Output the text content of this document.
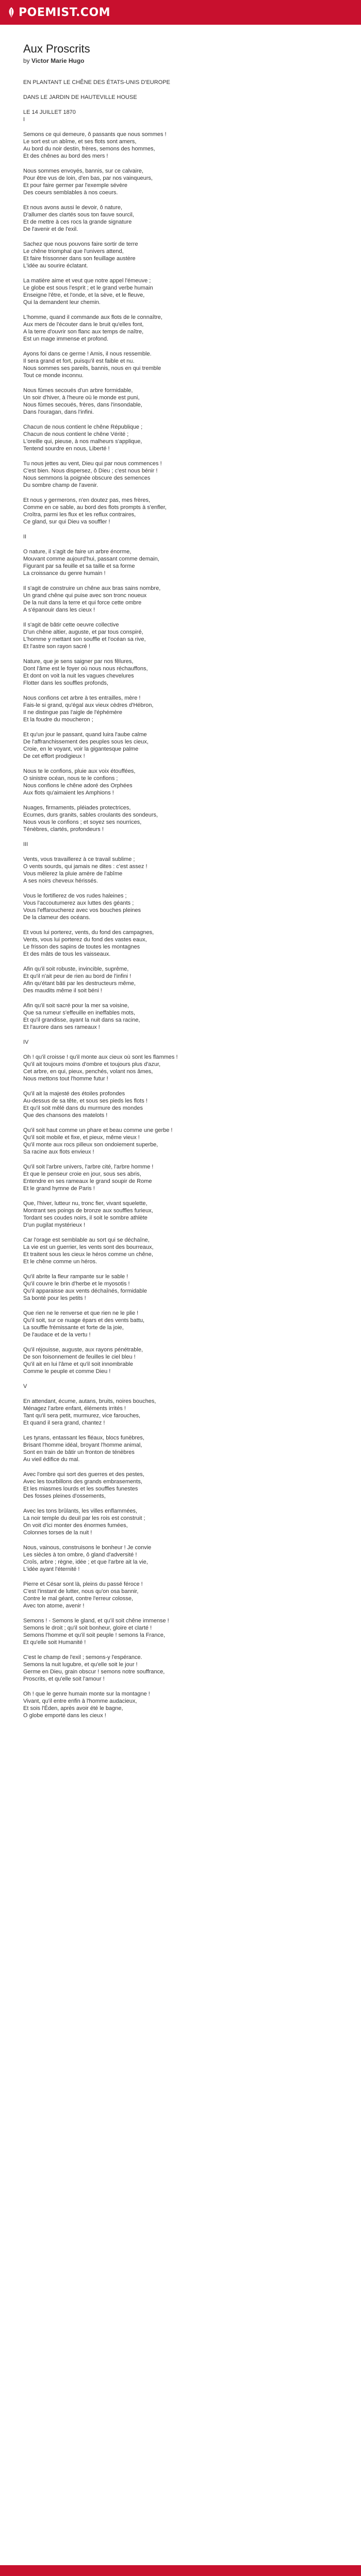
POEMIST.COM
Aux Proscrits
by Victor Marie Hugo
EN PLANTANT LE CHÊNE DES ÉTATS-UNIS D'EUROPE
DANS LE JARDIN DE HAUTEVILLE HOUSE
LE 14 JUILLET 1870
I
Semons ce qui demeure, ô passants que nous sommes !
Le sort est un abîme, et ses flots sont amers,
Au bord du noir destin, frères, semons des hommes,
Et des chênes au bord des mers !
Nous sommes envoyés, bannis, sur ce calvaire,
Pour être vus de loin, d'en bas, par nos vainqueurs,
Et pour faire germer par l'exemple sévère
Des coeurs semblables à nos coeurs.
Et nous avons aussi le devoir, ô nature,
D'allumer des clartés sous ton fauve sourcil,
Et de mettre à ces rocs la grande signature
De l'avenir et de l'exil.
Sachez que nous pouvons faire sortir de terre
Le chêne triomphal que l'univers attend,
Et faire frissonner dans son feuillage austère
L'idée au sourire éclatant.
La matière aime et veut que notre appel l'émeuve ;
Le globe est sous l'esprit ; et le grand verbe humain
Enseigne l'être, et l'onde, et la sève, et le fleuve,
Qui la demandent leur chemin.
L'homme, quand il commande aux flots de le connaître,
Aux mers de l'écouter dans le bruit qu'elles font,
A la terre d'ouvrir son flanc aux temps de naître,
Est un mage immense et profond.
Ayons foi dans ce germe ! Amis, il nous ressemble.
Il sera grand et fort, puisqu'il est faible et nu.
Nous sommes ses pareils, bannis, nous en qui tremble
Tout ce monde inconnu.
Nous fûmes secoués d'un arbre formidable,
Un soir d'hiver, à l'heure où le monde est puni,
Nous fûmes secoués, frères, dans l'insondable,
Dans l'ouragan, dans l'infini.
Chacun de nous contient le chêne République ;
Chacun de nous contient le chêne Vérité ;
L'oreille qui, pieuse, à nos malheurs s'applique,
Tentend sourdre en nous, Liberté !
Tu nous jettes au vent, Dieu qui par nous commences !
C'est bien. Nous dispersez, ô Dieu ; c'est nous bénir !
Nous semmons la poignée obscure des semences
Du sombre champ de l'avenir.
Et nous y germerons, n'en doutez pas, mes frères,
Comme en ce sable, au bord des flots prompts à s'enfler,
Croîtra, parmi les flux et les reflux contraires,
Ce gland, sur qui Dieu va souffler !
II
O nature, il s'agit de faire un arbre énorme,
Mouvant comme aujourd'hui, passant comme demain,
Figurant par sa feuille et sa taille et sa forme
La croissance du genre humain !
Il s'agit de construire un chêne aux bras sains nombre,
Un grand chêne qui puise avec son tronc noueux
De la nuit dans la terre et qui force cette ombre
A s'épanouir dans les cieux !
Il s'agit de bâtir cette oeuvre collective
D'un chêne altier, auguste, et par tous conspiré,
L'homme y mettant son souffle et l'océan sa rive,
Et l'astre son rayon sacré !
Nature, que je sens saigner par nos fêlures,
Dont l'âme est le foyer où nous nous réchauffons,
Et dont on voit la nuit les vagues chevelures
Flotter dans les souffles profonds,
Nous confions cet arbre à tes entrailles, mère !
Fais-le si grand, qu'égal aux vieux cèdres d'Hébron,
Il ne distingue pas l'aigle de l'éphémère
Et la foudre du moucheron ;
Et qu'un jour le passant, quand luira l'aube calme
De l'affranchissement des peuples sous les cieux,
Croie, en le voyant, voir la gigantesque palme
De cet effort prodigieux !
Nous te le confions, pluie aux voix étouffées,
O sinistre océan, nous te le confions ;
Nous confions le chêne adoré des Orphées
Aux flots qu'aimaient les Amphions !
Nuages, firmaments, pléiades protectrices,
Ecumes, durs granits, sables croulants des sondeurs,
Nous vous le confions ; et soyez ses nourrices,
Ténèbres, clartés, profondeurs !
III
Vents, vous travaillerez à ce travail sublime ;
O vents sourds, qui jamais ne dites : c'est assez !
Vous mêlerez la pluie amère de l'abîme
A ses noirs cheveux hérissés.
Vous le fortifierez de vos rudes haleines ;
Vous l'accoutumerez aux luttes des géants ;
Vous l'effaroucherez avec vos bouches pleines
De la clameur des océans.
Et vous lui porterez, vents, du fond des campagnes,
Vents, vous lui porterez du fond des vastes eaux,
Le frisson des sapins de toutes les montagnes
Et des mâts de tous les vaisseaux.
Afin qu'il soit robuste, invincible, suprême,
Et qu'il n'ait peur de rien au bord de l'infini !
Afin qu'étant bâti par les destructeurs même,
Des maudits même il soit béni !
Afin qu'il soit sacré pour la mer sa voisine,
Que sa rumeur s'effeuille en ineffables mots,
Et qu'il grandisse, ayant la nuit dans sa racine,
Et l'aurore dans ses rameaux !
IV
Oh ! qu'il croisse ! qu'il monte aux cieux où sont les flammes !
Qu'il ait toujours moins d'ombre et toujours plus d'azur,
Cet arbre, en qui, pieux, penchés, volant nos âmes,
Nous mettons tout l'homme futur !
Qu'il ait la majesté des étoiles profondes
Au-dessus de sa tête, et sous ses pieds les flots !
Et qu'il soit mêlé dans du murmure des mondes
Que des chansons des matelots !
Qu'il soit haut comme un phare et beau comme une gerbe !
Qu'il soit mobile et fixe, et pieux, même vieux !
Qu'il monte aux rocs pilleux son ondoiement superbe,
Sa racine aux flots envieux !
Qu'il soit l'arbre univers, l'arbre cité, l'arbre homme !
Et que le penseur croie en jour, sous ses abris,
Entendre en ses rameaux le grand soupir de Rome
Et le grand hymne de Paris !
Que, l'hiver, lutteur nu, tronc fier, vivant squelette,
Montrant ses poings de bronze aux souffles furieux,
Tordant ses coudes noirs, il soit le sombre athlète
D'un pugilat mystérieux !
Car l'orage est semblable au sort qui se déchaîne,
La vie est un guerrier, les vents sont des bourreaux,
Et traitent sous les cieux le héros comme un chêne,
Et le chêne comme un héros.
Qu'il abrite la fleur rampante sur le sable !
Qu'il couvre le brin d'herbe et le myosotis !
Qu'il apparaisse aux vents déchaînés, formidable
Sa bonté pour les petits !
Que rien ne le renverse et que rien ne le plie !
Qu'il soit, sur ce nuage épars et des vents battu,
La souffle frémissante et forte de la joie,
De l'audace et de la vertu !
Qu'il réjouisse, auguste, aux rayons pénétrable,
De son foisonnement de feuilles le ciel bleu !
Qu'il ait en lui l'âme et qu'il soit innombrable
Comme le peuple et comme Dieu !
V
En attendant, écume, autans, bruits, noires bouches,
Ménagez l'arbre enfant, éléments irrités !
Tant qu'il sera petit, murmurez, vice farouches,
Et quand il sera grand, chantez !
Les tyrans, entassant les fléaux, blocs funèbres,
Brisant l'homme idéal, broyant l'homme animal,
Sont en train de bâtir un fronton de ténèbres
Au vieil édifice du mal.
Avec l'ombre qui sort des guerres et des pestes,
Avec les tourbillons des grands embrasements,
Et les miasmes lourds et les souffles funestes
Des fosses pleines d'ossements,
Avec les tons brûlants, les villes enflammées,
La noir temple du deuil par les rois est construit ;
On voit d'ici monter des énormes fumées,
Colonnes torses de la nuit !
Nous, vainous, construisons le bonheur ! Je convie
Les siècles à ton ombre, ô gland d'adversité !
Croîs, arbre ; règne, idée ; et que l'arbre ait la vie,
L'idée ayant l'éternité !
Pierre et César sont là, pleins du passé féroce !
C'est l'instant de lutter, nous qu'on osa bannir,
Contre le mal géant, contre l'erreur colosse,
Avec ton atome, avenir !
Semons ! - Semons le gland, et qu'il soit chêne immense !
Semons le droit ; qu'il soit bonheur, gloire et clarté !
Semons l'homme et qu'il soit peuple ! semons la France,
Et qu'elle soit Humanité !
C'est le champ de l'exil ; semons-y l'espérance.
Semons la nuit lugubre, et qu'elle soit le jour !
Germe en Dieu, grain obscur ! semons notre souffrance,
Proscrits, et qu'elle soit l'amour !
Oh ! que le genre humain monte sur la montagne !
Vivant, qu'il entre enfin à l'homme audacieux,
Et sois l'Éden, après avoir été le bagne,
O globe emporté dans les cieux !
